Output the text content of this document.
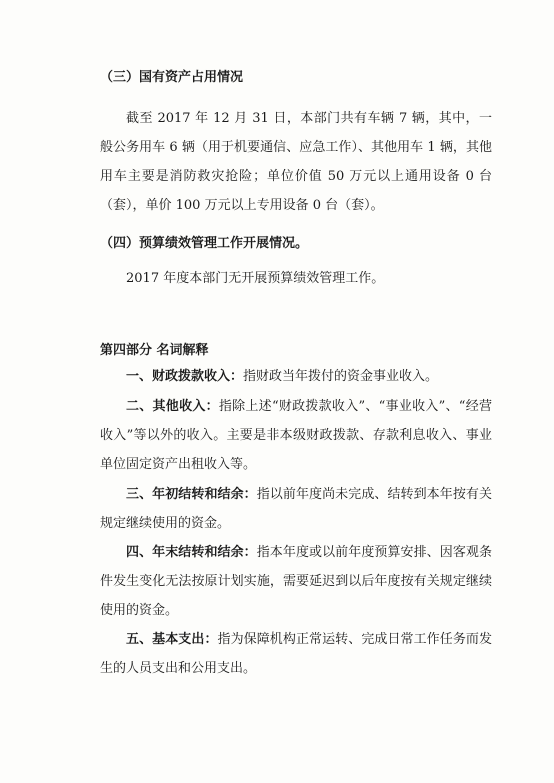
（三）国有资产占用情况
截至 2017 年 12 月 31 日，本部门共有车辆 7 辆，其中，一般公务用车 6 辆（用于机要通信、应急工作）、其他用车 1 辆，其他用车主要是消防救灾抢险；单位价值 50 万元以上通用设备 0 台（套），单价 100 万元以上专用设备 0 台（套）。
（四）预算绩效管理工作开展情况。
2017 年度本部门无开展预算绩效管理工作。
第四部分 名词解释
一、财政拨款收入：指财政当年拨付的资金事业收入。
二、其他收入：指除上述“财政拨款收入”、“事业收入”、“经营收入”等以外的收入。主要是非本级财政拨款、存款利息收入、事业单位固定资产出租收入等。
三、年初结转和结余：指以前年度尚未完成、结转到本年按有关规定继续使用的资金。
四、年末结转和结余：指本年度或以前年度预算安排、因客观条件发生变化无法按原计划实施，需要延迟到以后年度按有关规定继续使用的资金。
五、基本支出：指为保障机构正常运转、完成日常工作任务而发生的人员支出和公用支出。
